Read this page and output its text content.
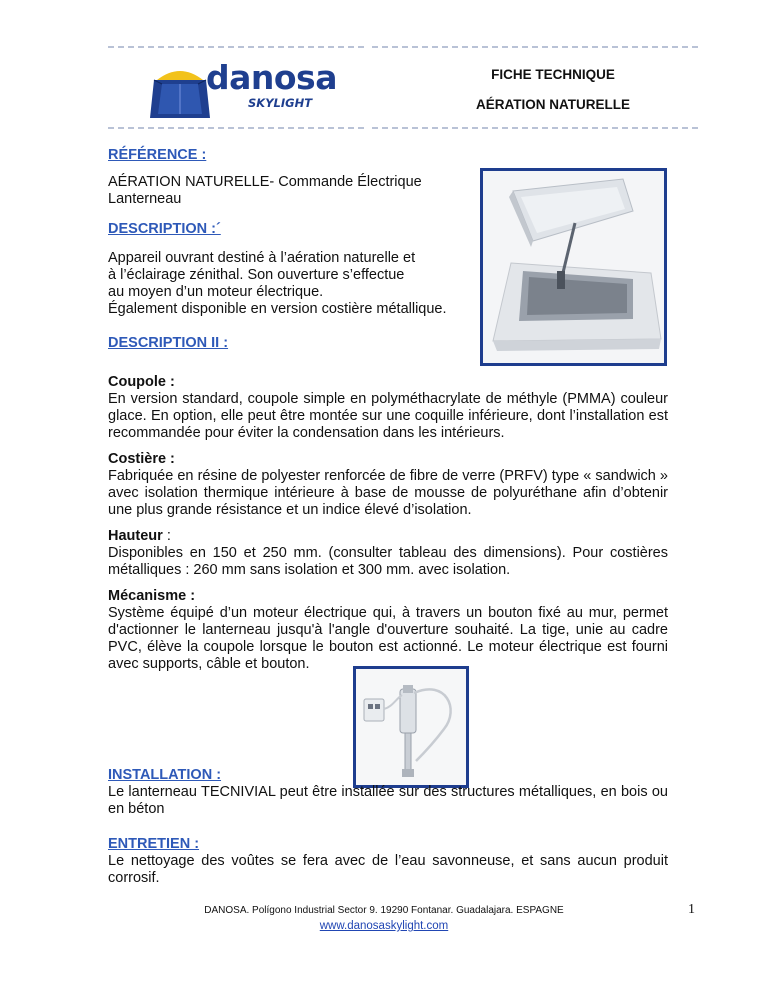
danosa
SKYLIGHT
FICHE TECHNIQUE
AÉRATION NATURELLE
RÉFÉRENCE :
AÉRATION NATURELLE- Commande Électrique
Lanterneau
DESCRIPTION :´
Appareil ouvrant destiné à l’aération naturelle et
à l’éclairage zénithal. Son ouverture s’effectue
au moyen d’un moteur électrique.
Également disponible en version costière métallique.
DESCRIPTION II :
Coupole :
En version standard, coupole simple en polyméthacrylate de méthyle (PMMA) couleur glace. En option, elle peut être montée sur une coquille inférieure, dont l’installation est recommandée pour éviter la condensation dans les intérieurs.
Costière :
Fabriquée en résine de polyester renforcée de fibre de verre (PRFV) type « sandwich » avec isolation thermique intérieure à base de mousse de polyuréthane afin d’obtenir une plus grande résistance et un indice élevé d’isolation.
Hauteur :
Disponibles en 150 et 250 mm. (consulter tableau des dimensions). Pour costières métalliques : 260 mm sans isolation et 300 mm. avec isolation.
Mécanisme :
Système équipé d’un moteur électrique qui, à travers un bouton fixé au mur, permet d'actionner le lanterneau jusqu'à l'angle d'ouverture souhaité. La tige, unie au cadre PVC, élève la coupole lorsque le bouton est actionné. Le moteur électrique est fourni avec supports, câble et bouton.
INSTALLATION :
Le lanterneau TECNIVIAL peut être installée sur des structures métalliques, en bois ou en béton
ENTRETIEN :
Le nettoyage des voûtes se fera avec de l’eau savonneuse, et sans aucun produit corrosif.
DANOSA. Polígono Industrial Sector 9. 19290 Fontanar. Guadalajara. ESPAGNE
www.danosaskylight.com
1
